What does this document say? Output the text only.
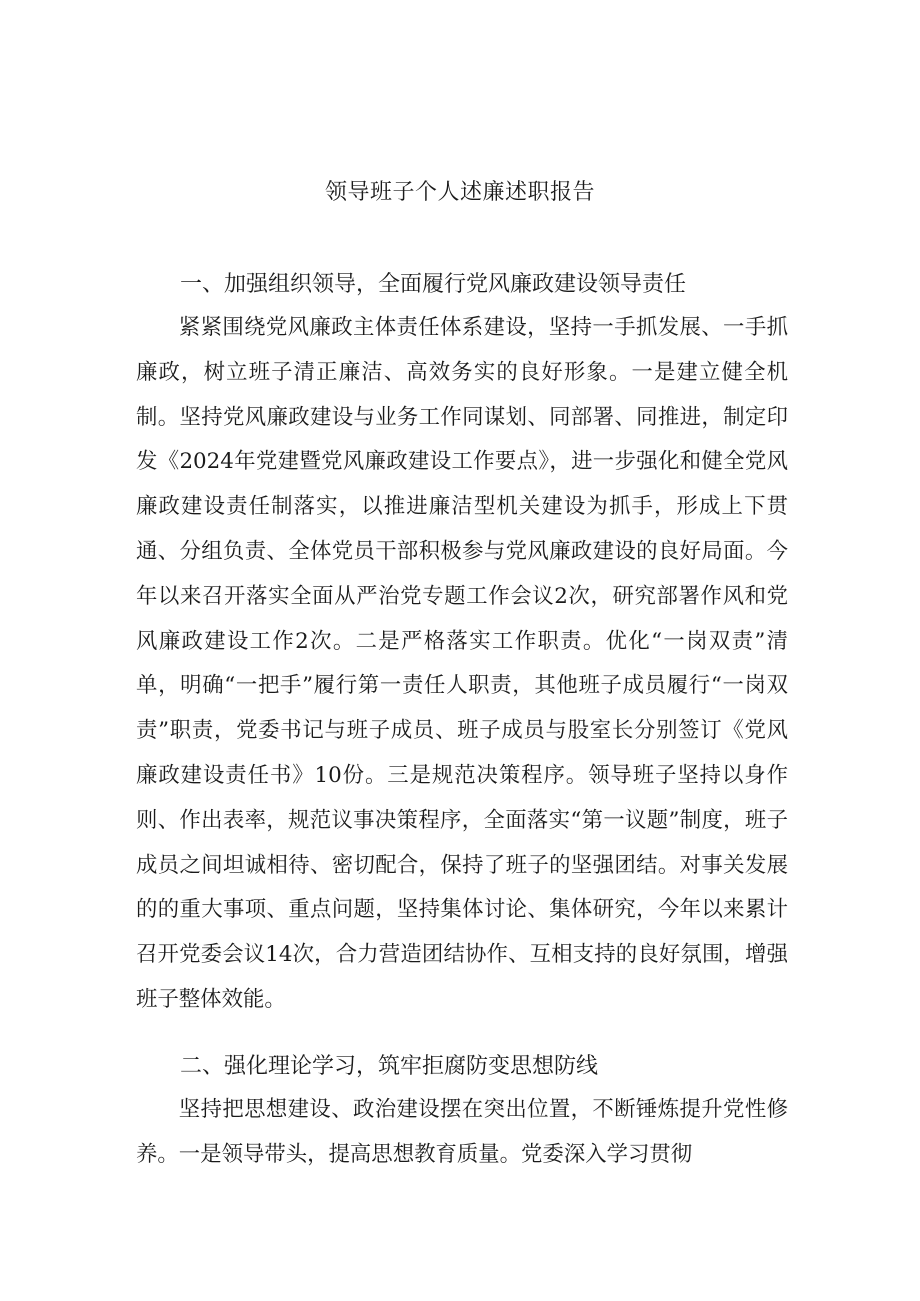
领导班子个人述廉述职报告
一、加强组织领导，全面履行党风廉政建设领导责任

紧紧围绕党风廉政主体责任体系建设，坚持一手抓发展、一手抓廉政，树立班子清正廉洁、高效务实的良好形象。一是建立健全机制。坚持党风廉政建设与业务工作同谋划、同部署、同推进，制定印发《2024年党建暨党风廉政建设工作要点》，进一步强化和健全党风廉政建设责任制落实，以推进廉洁型机关建设为抓手，形成上下贯通、分组负责、全体党员干部积极参与党风廉政建设的良好局面。今年以来召开落实全面从严治党专题工作会议2次，研究部署作风和党风廉政建设工作2次。二是严格落实工作职责。优化“一岗双责”清单，明确“一把手”履行第一责任人职责，其他班子成员履行“一岗双责”职责，党委书记与班子成员、班子成员与股室长分别签订《党风廉政建设责任书》10份。三是规范决策程序。领导班子坚持以身作则、作出表率，规范议事决策程序，全面落实“第一议题”制度，班子成员之间坦诚相待、密切配合，保持了班子的坚强团结。对事关发展的的重大事项、重点问题，坚持集体讨论、集体研究，今年以来累计召开党委会议14次，合力营造团结协作、互相支持的良好氛围，增强班子整体效能。

二、强化理论学习，筑牢拒腐防变思想防线

坚持把思想建设、政治建设摆在突出位置，不断锤炼提升党性修养。一是领导带头，提高思想教育质量。党委深入学习贯彻
